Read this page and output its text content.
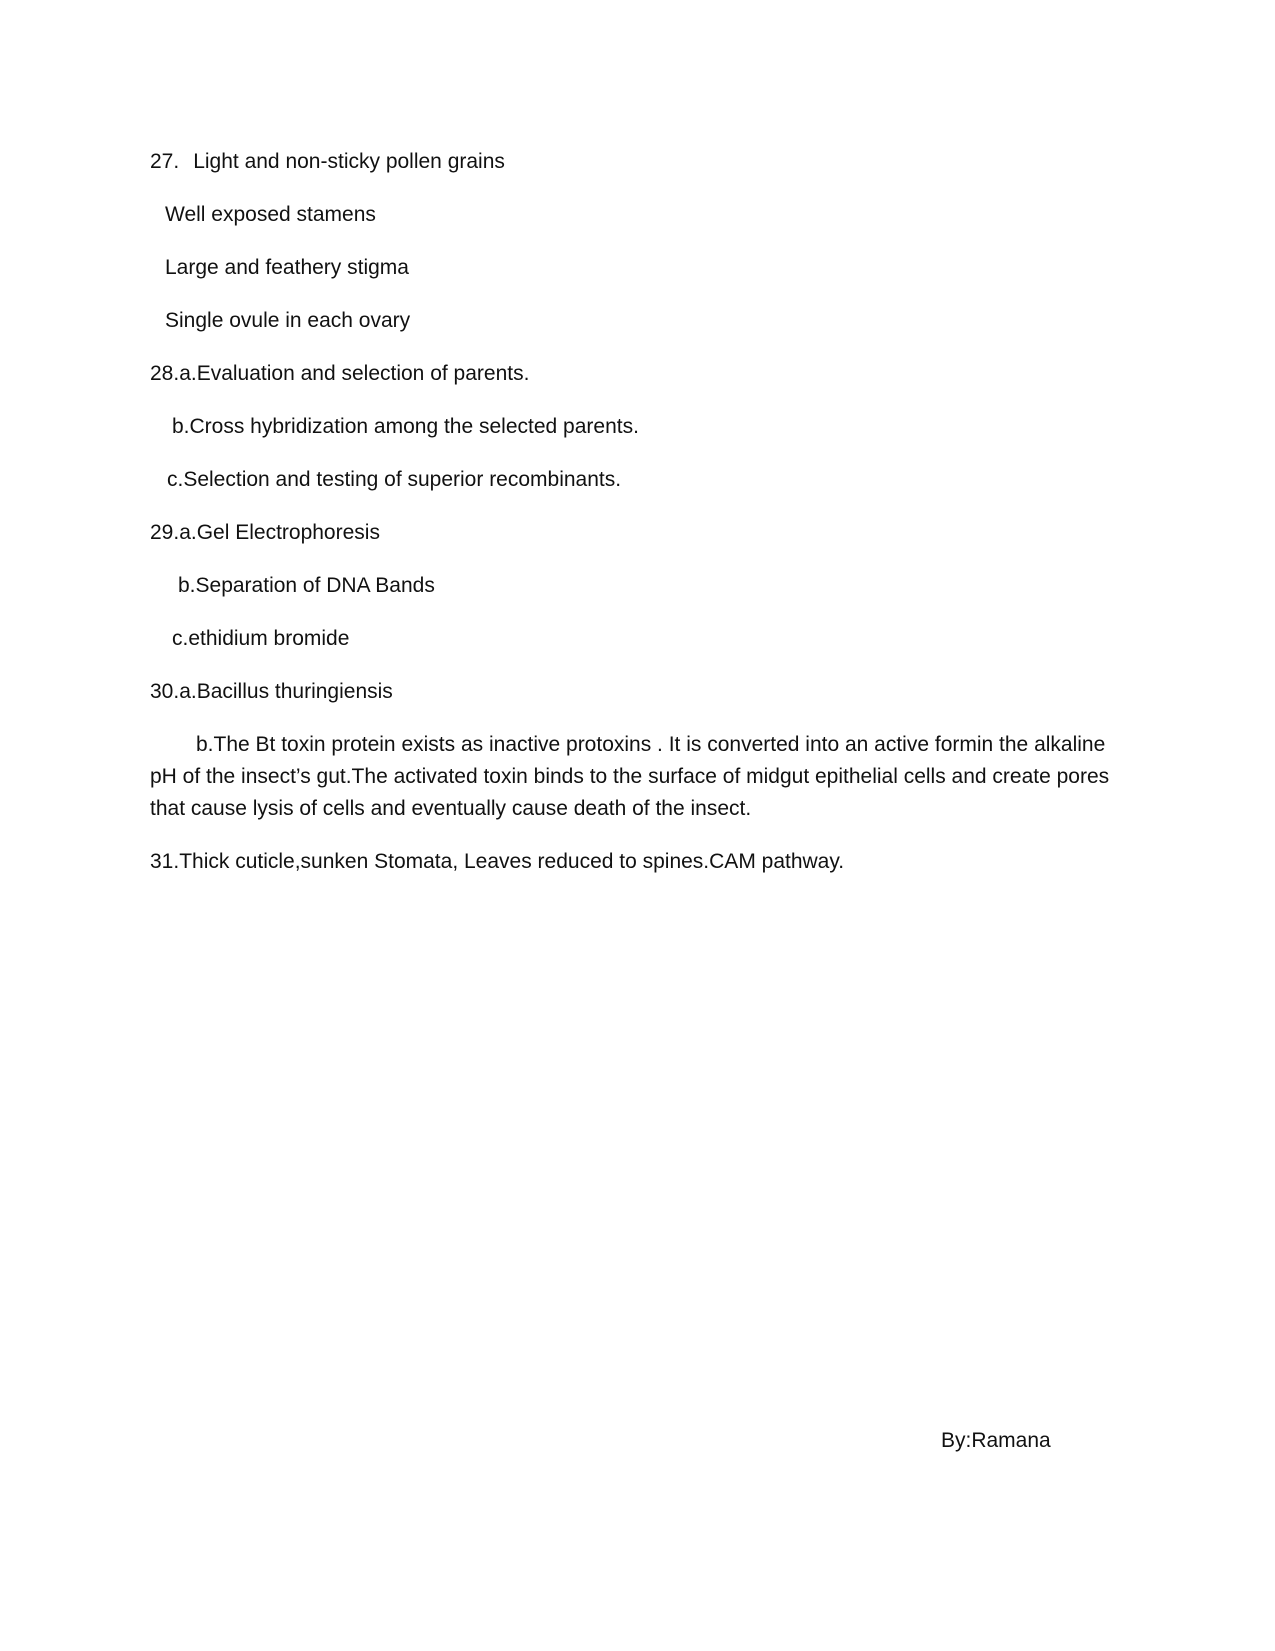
27. Light and non-sticky pollen grains
Well exposed stamens
Large and feathery stigma
Single ovule in each ovary
28.a.Evaluation and selection of parents.
b.Cross hybridization among the selected parents.
c.Selection and testing of superior recombinants.
29.a.Gel Electrophoresis
b.Separation of DNA Bands
c.ethidium bromide
30.a.Bacillus thuringiensis
b.The Bt toxin protein exists as inactive protoxins . It is converted into an active formin the alkaline pH of the insect’s gut.The activated toxin binds to the surface of midgut epithelial cells and create pores that cause lysis of cells and eventually cause death of the insect.
31.Thick cuticle,sunken Stomata, Leaves reduced to spines.CAM pathway.
By:Ramana
